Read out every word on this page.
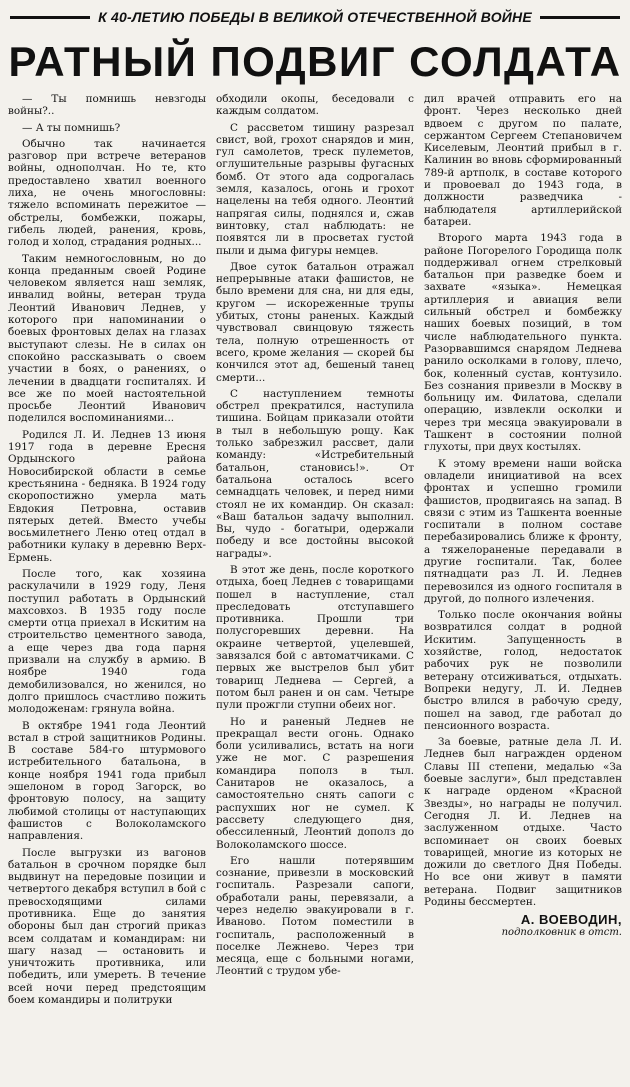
К 40-ЛЕТИЮ ПОБЕДЫ В ВЕЛИКОЙ ОТЕЧЕСТВЕННОЙ ВОЙНЕ
РАТНЫЙ ПОДВИГ СОЛДАТА

— Ты помнишь невзгоды войны?..

— А ты помнишь?

Обычно так начинается разговор при встрече ветеранов войны, однополчан. Но те, кто предоставлено хватил военного лиха, не очень многословны: тяжело вспоминать пережитое — обстрелы, бомбежки, пожары, гибель людей, ранения, кровь, голод и холод, страдания родных...

Таким немногословным, но до конца преданным своей Родине человеком является наш земляк, инвалид войны, ветеран труда Леонтий Иванович Леднев, у которого при напоминании о боевых фронтовых делах на глазах выступают слезы. Не в силах он спокойно рассказывать о своем участии в боях, о ранениях, о лечении в двадцати госпиталях. И все же по моей настоятельной просьбе Леонтий Иванович поделился воспоминаниями...

Родился Л. И. Леднев 13 июня 1917 года в деревне Ересня Ордынского района Новосибирской области в семье крестьянина - бедняка. В 1924 году скоропостижно умерла мать Евдокия Петровна, оставив пятерых детей. Вместо учебы восьмилетнего Леню отец отдал в работники кулаку в деревню Верх-Ермень.

После того, как хозяина раскулачили в 1929 году, Леня поступил работать в Ордынский махсовхоз. В 1935 году после смерти отца приехал в Искитим на строительство цементного завода, а еще через два года парня призвали на службу в армию. В ноябре 1940 года демобилизовался, но женился, но долго пришлось счастливо пожить молодоженам: грянула война.

В октябре 1941 года Леонтий встал в строй защитников Родины. В составе 584-го штурмового истребительного батальона, в конце ноября 1941 года прибыл эшелоном в город Загорск, во фронтовую полосу, на защиту любимой столицы от наступающих фашистов с Волоколамского направления.

После выгрузки из вагонов батальон в срочном порядке был выдвинут на передовые позиции и четвертого декабря вступил в бой с превосходящими силами противника. Еще до занятия обороны был дан строгий приказ всем солдатам и командирам: ни шагу назад — остановить и уничтожить противника, или победить, или умереть. В течение всей ночи перед предстоящим боем командиры и политруки

обходили окопы, беседовали с каждым солдатом.

С рассветом тишину разрезал свист, вой, грохот снарядов и мин, гул самолетов, треск пулеметов, оглушительные разрывы фугасных бомб. От этого ада содрогалась земля, казалось, огонь и грохот нацелены на тебя одного. Леонтий напрягая силы, поднялся и, сжав винтовку, стал наблюдать: не появятся ли в просветах густой пыли и дыма фигуры немцев.

Двое суток батальон отражал непрерывные атаки фашистов, не было времени для сна, ни для еды, кругом — искореженные трупы убитых, стоны раненых. Каждый чувствовал свинцовую тяжесть тела, полную отрешенность от всего, кроме желания — скорей бы кончился этот ад, бешеный танец смерти...

С наступлением темноты обстрел прекратился, наступила тишина. Бойцам приказали отойти в тыл в небольшую рощу. Как только забрезжил рассвет, дали команду: «Истребительный батальон, становись!». От батальона осталось всего семнадцать человек, и перед ними стоял не их командир. Он сказал: «Ваш батальон задачу выполнил. Вы, чудо - богатыри, одержали победу и все достойны высокой награды».

В этот же день, после короткого отдыха, боец Леднев с товарищами пошел в наступление, стал преследовать отступавшего противника. Прошли три полусгоревших деревни. На окраине четвертой, уцелевшей, завязался бой с автоматчиками. С первых же выстрелов был убит товарищ Леднева — Сергей, а потом был ранен и он сам. Четыре пули прожгли ступни обеих ног.

Но и раненый Леднев не прекращал вести огонь. Однако боли усиливались, встать на ноги уже не мог. С разрешения командира пополз в тыл. Санитаров не оказалось, а самостоятельно снять сапоги с распухших ног не сумел. К рассвету следующего дня, обессиленный, Леонтий дополз до Волоколамского шоссе.

Его нашли потерявшим сознание, привезли в московский госпиталь. Разрезали сапоги, обработали раны, перевязали, а через неделю эвакуировали в г. Иваново. Потом поместили в госпиталь, расположенный в поселке Лежнево. Через три месяца, еще с больными ногами, Леонтий с трудом убе-

дил врачей отправить его на фронт. Через несколько дней вдвоем с другом по палате, сержантом Сергеем Степановичем Киселевым, Леонтий прибыл в г. Калинин во вновь сформированный 789-й артполк, в составе которого и провоевал до 1943 года, в должности разведчика - наблюдателя артиллерийской батареи.

Второго марта 1943 года в районе Погорелого Городища полк поддерживал огнем стрелковый батальон при разведке боем и захвате «языка». Немецкая артиллерия и авиация вели сильный обстрел и бомбежку наших боевых позиций, в том числе наблюдательного пункта. Разорвавшимся снарядом Леднева ранило осколками в голову, плечо, бок, коленный сустав, контузило. Без сознания привезли в Москву в больницу им. Филатова, сделали операцию, извлекли осколки и через три месяца эвакуировали в Ташкент в состоянии полной глухоты, при двух костылях.

К этому времени наши войска овладели инициативой на всех фронтах и успешно громили фашистов, продвигаясь на запад. В связи с этим из Ташкента военные госпитали в полном составе перебазировались ближе к фронту, а тяжелораненые передавали в другие госпитали. Так, более пятнадцати раз Л. И. Леднев перевозился из одного госпиталя в другой, до полного излечения.

Только после окончания войны возвратился солдат в родной Искитим. Запущенность в хозяйстве, голод, недостаток рабочих рук не позволили ветерану отсиживаться, отдыхать. Вопреки недугу, Л. И. Леднев быстро влился в рабочую среду, пошел на завод, где работал до пенсионного возраста.

За боевые, ратные дела Л. И. Леднев был награжден орденом Славы III степени, медалью «За боевые заслуги», был представлен к награде орденом «Красной Звезды», но награды не получил. Сегодня Л. И. Леднев на заслуженном отдыхе. Часто вспоминает он своих боевых товарищей, многие из которых не дожили до светлого Дня Победы. Но все они живут в памяти ветерана. Подвиг защитников Родины бессмертен.

А. ВОЕВОДИН,
подполковник в отст.
